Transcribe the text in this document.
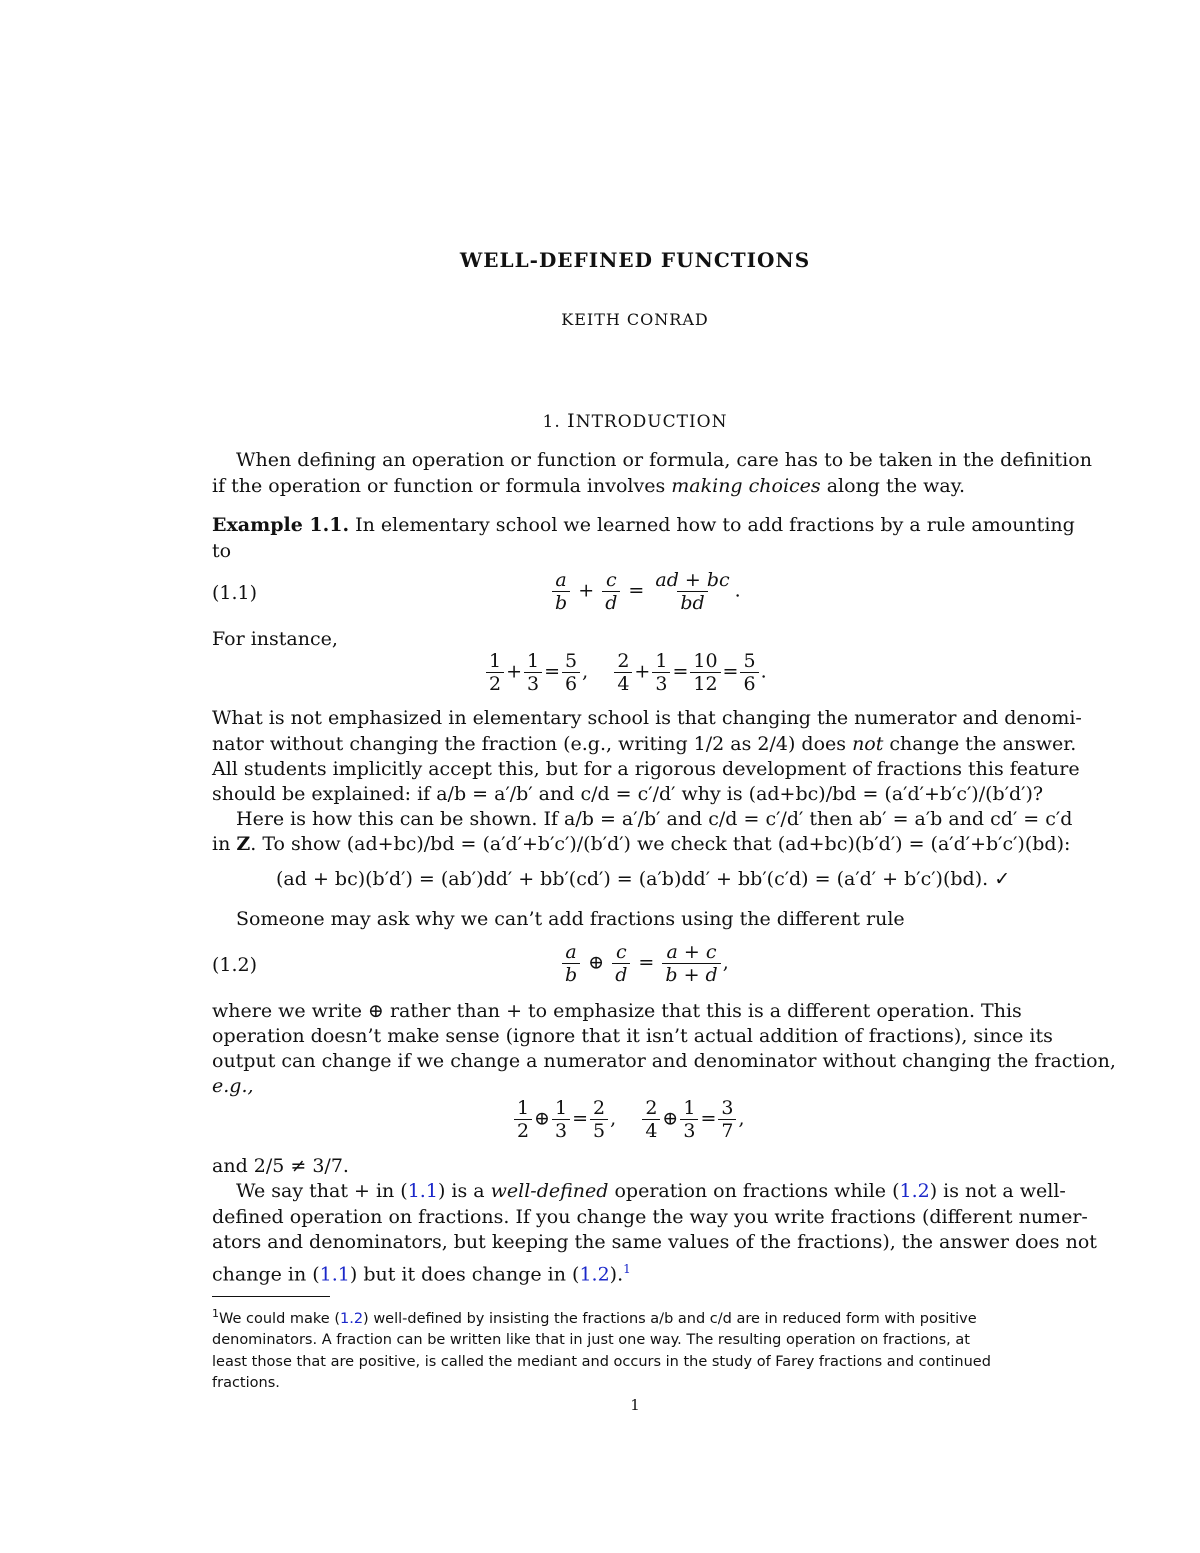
WELL-DEFINED FUNCTIONS
KEITH CONRAD
1. INTRODUCTION
When defining an operation or function or formula, care has to be taken in the definition
if the operation or function or formula involves making choices along the way.
Example 1.1. In elementary school we learned how to add fractions by a rule amounting
to
(1.1)	$\frac{a}{b} + \frac{c}{d} = \frac{ad + bc}{bd}$ .
For instance,
$\frac{1}{2} + \frac{1}{3} = \frac{5}{6}$ , $\frac{2}{4} + \frac{1}{3} = \frac{10}{12} = \frac{5}{6}$ .
What is not emphasized in elementary school is that changing the numerator and denomi-
nator without changing the fraction (e.g., writing 1/2 as 2/4) does not change the answer.
All students implicitly accept this, but for a rigorous development of fractions this feature
should be explained: if a/b = a′/b′ and c/d = c′/d′ why is (ad+bc)/bd = (a′d′+b′c′)/(b′d′)?
Here is how this can be shown. If a/b = a′/b′ and c/d = c′/d′ then ab′ = a′b and cd′ = c′d
in Z. To show (ad+bc)/bd = (a′d′+b′c′)/(b′d′) we check that (ad+bc)(b′d′) = (a′d′+b′c′)(bd):
(ad + bc)(b′d′) = (ab′)dd′ + bb′(cd′) = (a′b)dd′ + bb′(c′d) = (a′d′ + b′c′)(bd). ✓
Someone may ask why we can’t add fractions using the different rule
(1.2)	$\frac{a}{b}$ ⊕ $\frac{c}{d} = \frac{a + c}{b + d}$ ,
where we write ⊕ rather than + to emphasize that this is a different operation. This
operation doesn’t make sense (ignore that it isn’t actual addition of fractions), since its
output can change if we change a numerator and denominator without changing the fraction,
e.g.,
$\frac{1}{2}$ ⊕ $\frac{1}{3} = \frac{2}{5}$ , $\frac{2}{4}$ ⊕ $\frac{1}{3} = \frac{3}{7}$ ,
and 2/5 ≠ 3/7.
We say that + in (1.1) is a well-defined operation on fractions while (1.2) is not a well-
defined operation on fractions. If you change the way you write fractions (different numer-
ators and denominators, but keeping the same values of the fractions), the answer does not
change in (1.1) but it does change in (1.2).$^1$
$^1$We could make (1.2) well-defined by insisting the fractions a/b and c/d are in reduced form with positive
denominators. A fraction can be written like that in just one way. The resulting operation on fractions, at
least those that are positive, is called the mediant and occurs in the study of Farey fractions and continued
fractions.
1
